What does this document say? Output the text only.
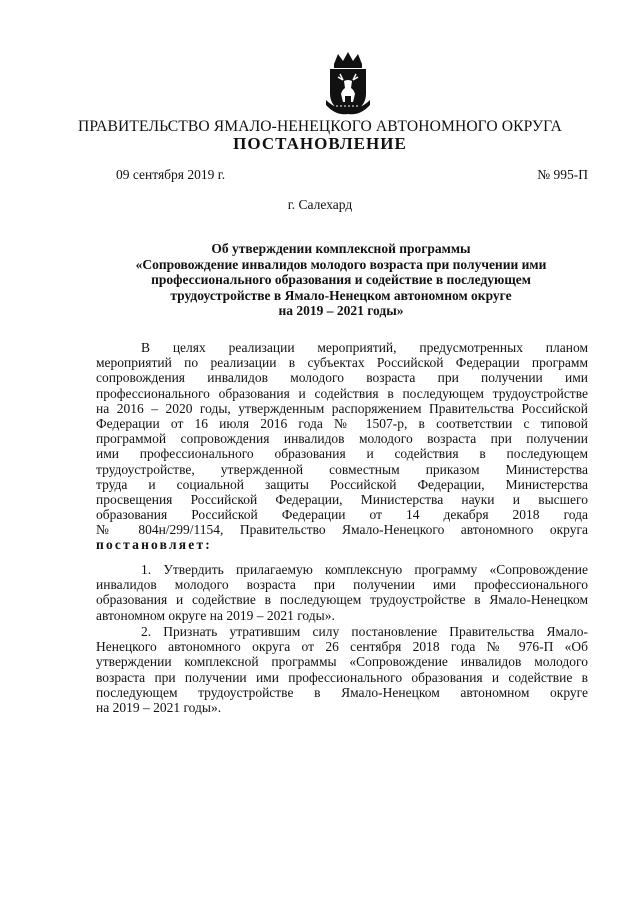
ПРАВИТЕЛЬСТВО ЯМАЛО-НЕНЕЦКОГО АВТОНОМНОГО ОКРУГА
ПОСТАНОВЛЕНИЕ
09 сентября 2019 г.	№ 995-П
г. Салехард
Об утверждении комплексной программы
«Сопровождение инвалидов молодого возраста при получении ими
профессионального образования и содействие в последующем
трудоустройстве в Ямало-Ненецком автономном округе
на 2019 – 2021 годы»
В целях реализации мероприятий, предусмотренных планом
мероприятий по реализации в субъектах Российской Федерации программ
сопровождения инвалидов молодого возраста при получении ими
профессионального образования и содействия в последующем трудоустройстве
на 2016 – 2020 годы, утвержденным распоряжением Правительства Российской
Федерации от 16 июля 2016 года № 1507-р, в соответствии с типовой
программой сопровождения инвалидов молодого возраста при получении
ими профессионального образования и содействия в последующем
трудоустройстве, утвержденной совместным приказом Министерства
труда и социальной защиты Российской Федерации, Министерства
просвещения Российской Федерации, Министерства науки и высшего
образования Российской Федерации от 14 декабря 2018 года
№ 804н/299/1154, Правительство Ямало-Ненецкого автономного округа
постановляет:
1. Утвердить прилагаемую комплексную программу «Сопровождение
инвалидов молодого возраста при получении ими профессионального
образования и содействие в последующем трудоустройстве в Ямало-Ненецком
автономном округе на 2019 – 2021 годы».
2. Признать утратившим силу постановление Правительства Ямало-
Ненецкого автономного округа от 26 сентября 2018 года № 976-П «Об
утверждении комплексной программы «Сопровождение инвалидов молодого
возраста при получении ими профессионального образования и содействие в
последующем трудоустройстве в Ямало-Ненецком автономном округе
на 2019 – 2021 годы».
